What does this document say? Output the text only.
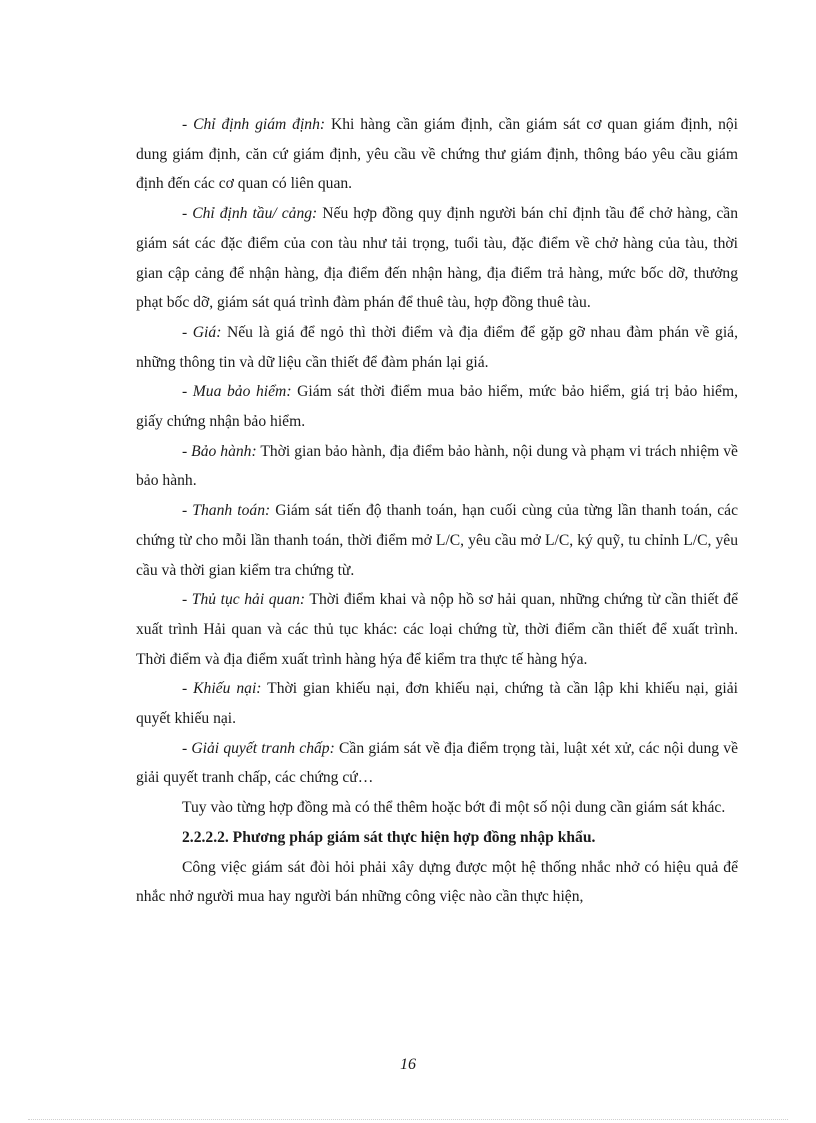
- Chỉ định giám định: Khi hàng cần giám định, cần giám sát cơ quan giám định, nội dung giám định, căn cứ giám định, yêu cầu về chứng thư giám định, thông báo yêu cầu giám định đến các cơ quan có liên quan.

- Chỉ định tầu/ cảng: Nếu hợp đồng quy định người bán chỉ định tầu để chở hàng, cần giám sát các đặc điểm của con tàu như tải trọng, tuổi tàu, đặc điểm về chở hàng của tàu, thời gian cập cảng để nhận hàng, địa điểm đến nhận hàng, địa điểm trả hàng, mức bốc dỡ, thưởng phạt bốc dỡ, giám sát quá trình đàm phán để thuê tàu, hợp đồng thuê tàu.

- Giá: Nếu là giá để ngỏ thì thời điểm và địa điểm để gặp gỡ nhau đàm phán về giá, những thông tin và dữ liệu cần thiết để đàm phán lại giá.

- Mua bảo hiểm: Giám sát thời điểm mua bảo hiểm, mức bảo hiểm, giá trị bảo hiểm, giấy chứng nhận bảo hiểm.

- Bảo hành: Thời gian bảo hành, địa điểm bảo hành, nội dung và phạm vi trách nhiệm về bảo hành.

- Thanh toán: Giám sát tiến độ thanh toán, hạn cuối cùng của từng lần thanh toán, các chứng từ cho mỗi lần thanh toán, thời điểm mở L/C, yêu cầu mở L/C, ký quỹ, tu chỉnh L/C, yêu cầu và thời gian kiểm tra chứng từ.

- Thủ tục hải quan: Thời điểm khai và nộp hồ sơ hải quan, những chứng từ cần thiết để xuất trình Hải quan và các thủ tục khác: các loại chứng từ, thời điểm cần thiết để xuất trình. Thời điểm và địa điểm xuất trình hàng hýa để kiểm tra thực tế hàng hýa.

- Khiếu nại: Thời gian khiếu nại, đơn khiếu nại, chứng tà cần lập khi khiếu nại, giải quyết khiếu nại.

- Giải quyết tranh chấp: Cần giám sát về địa điểm trọng tài, luật xét xử, các nội dung về giải quyết tranh chấp, các chứng cứ…

Tuy vào từng hợp đồng mà có thể thêm hoặc bớt đi một số nội dung cần giám sát khác.

2.2.2.2. Phương pháp giám sát thực hiện hợp đồng nhập khẩu.

Công việc giám sát đòi hỏi phải xây dựng được một hệ thống nhắc nhở có hiệu quả để nhắc nhở người mua hay người bán những công việc nào cần thực hiện,

16
